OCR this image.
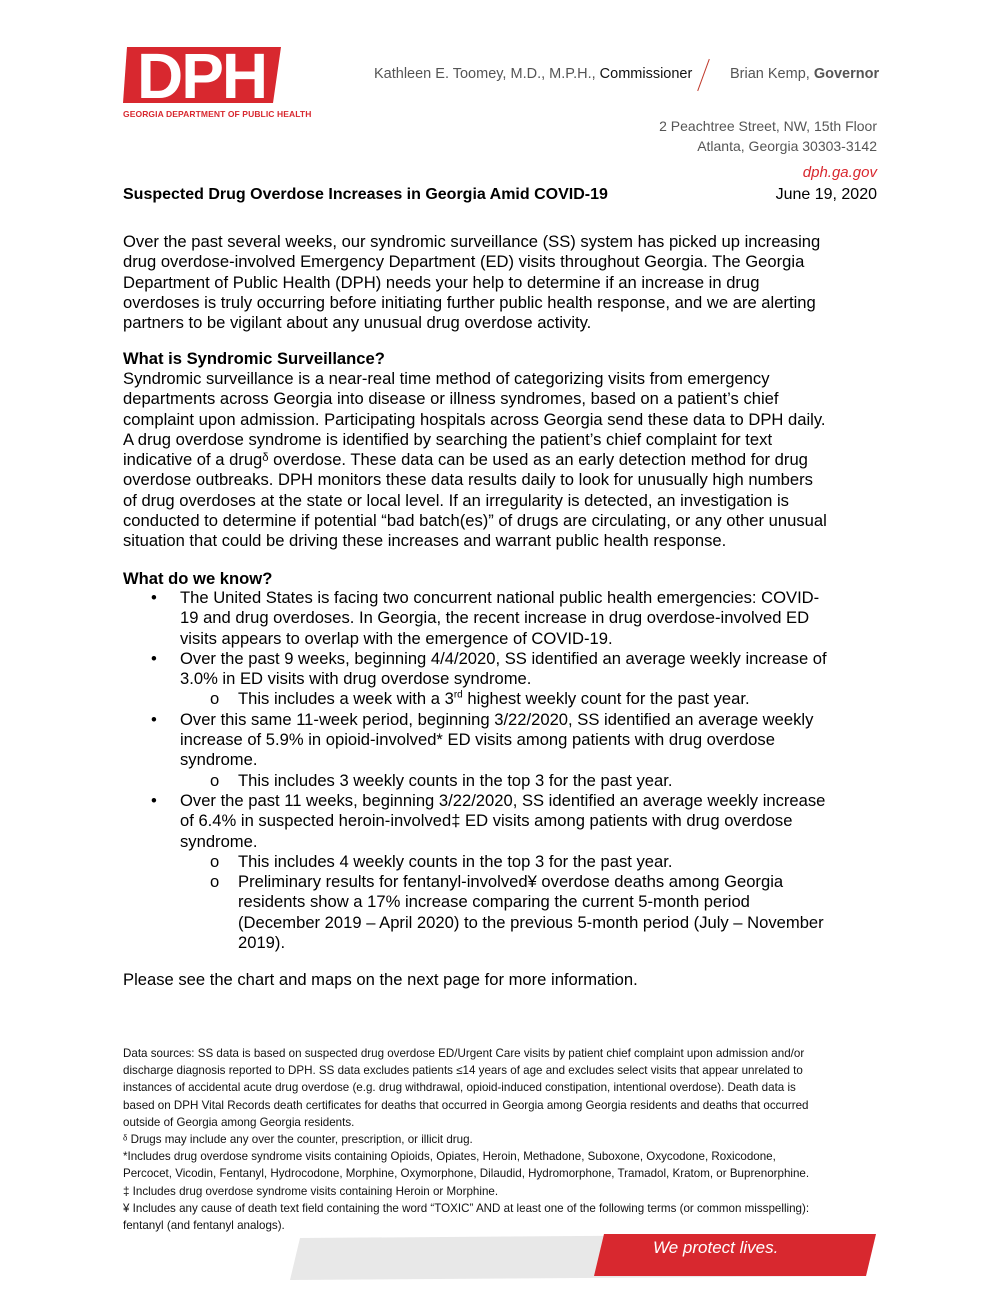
DPH
GEORGIA DEPARTMENT OF PUBLIC HEALTH
Kathleen E. Toomey, M.D., M.P.H., Commissioner	Brian Kemp, Governor
2 Peachtree Street, NW, 15th Floor
Atlanta, Georgia 30303-3142
dph.ga.gov
Suspected Drug Overdose Increases in Georgia Amid COVID-19	June 19, 2020
Over the past several weeks, our syndromic surveillance (SS) system has picked up increasing
drug overdose-involved Emergency Department (ED) visits throughout Georgia. The Georgia
Department of Public Health (DPH) needs your help to determine if an increase in drug
overdoses is truly occurring before initiating further public health response, and we are alerting
partners to be vigilant about any unusual drug overdose activity.
What is Syndromic Surveillance?
Syndromic surveillance is a near-real time method of categorizing visits from emergency
departments across Georgia into disease or illness syndromes, based on a patient’s chief
complaint upon admission. Participating hospitals across Georgia send these data to DPH daily.
A drug overdose syndrome is identified by searching the patient’s chief complaint for text
indicative of a drugᵟ overdose. These data can be used as an early detection method for drug
overdose outbreaks. DPH monitors these data results daily to look for unusually high numbers
of drug overdoses at the state or local level. If an irregularity is detected, an investigation is
conducted to determine if potential “bad batch(es)” of drugs are circulating, or any other unusual
situation that could be driving these increases and warrant public health response.
What do we know?
• The United States is facing two concurrent national public health emergencies: COVID-
19 and drug overdoses. In Georgia, the recent increase in drug overdose-involved ED
visits appears to overlap with the emergence of COVID-19.
• Over the past 9 weeks, beginning 4/4/2020, SS identified an average weekly increase of
3.0% in ED visits with drug overdose syndrome.
o This includes a week with a 3rd highest weekly count for the past year.
• Over this same 11-week period, beginning 3/22/2020, SS identified an average weekly
increase of 5.9% in opioid-involved* ED visits among patients with drug overdose
syndrome.
o This includes 3 weekly counts in the top 3 for the past year.
• Over the past 11 weeks, beginning 3/22/2020, SS identified an average weekly increase
of 6.4% in suspected heroin-involved‡ ED visits among patients with drug overdose
syndrome.
o This includes 4 weekly counts in the top 3 for the past year.
o Preliminary results for fentanyl-involved¥ overdose deaths among Georgia
residents show a 17% increase comparing the current 5-month period
(December 2019 – April 2020) to the previous 5-month period (July – November
2019).
Please see the chart and maps on the next page for more information.
Data sources: SS data is based on suspected drug overdose ED/Urgent Care visits by patient chief complaint upon admission and/or
discharge diagnosis reported to DPH. SS data excludes patients ≤14 years of age and excludes select visits that appear unrelated to
instances of accidental acute drug overdose (e.g. drug withdrawal, opioid-induced constipation, intentional overdose). Death data is
based on DPH Vital Records death certificates for deaths that occurred in Georgia among Georgia residents and deaths that occurred
outside of Georgia among Georgia residents.
ᵟ Drugs may include any over the counter, prescription, or illicit drug.
*Includes drug overdose syndrome visits containing Opioids, Opiates, Heroin, Methadone, Suboxone, Oxycodone, Roxicodone,
Percocet, Vicodin, Fentanyl, Hydrocodone, Morphine, Oxymorphone, Dilaudid, Hydromorphone, Tramadol, Kratom, or Buprenorphine.
‡ Includes drug overdose syndrome visits containing Heroin or Morphine.
¥ Includes any cause of death text field containing the word “TOXIC” AND at least one of the following terms (or common misspelling):
fentanyl (and fentanyl analogs).
We protect lives.
